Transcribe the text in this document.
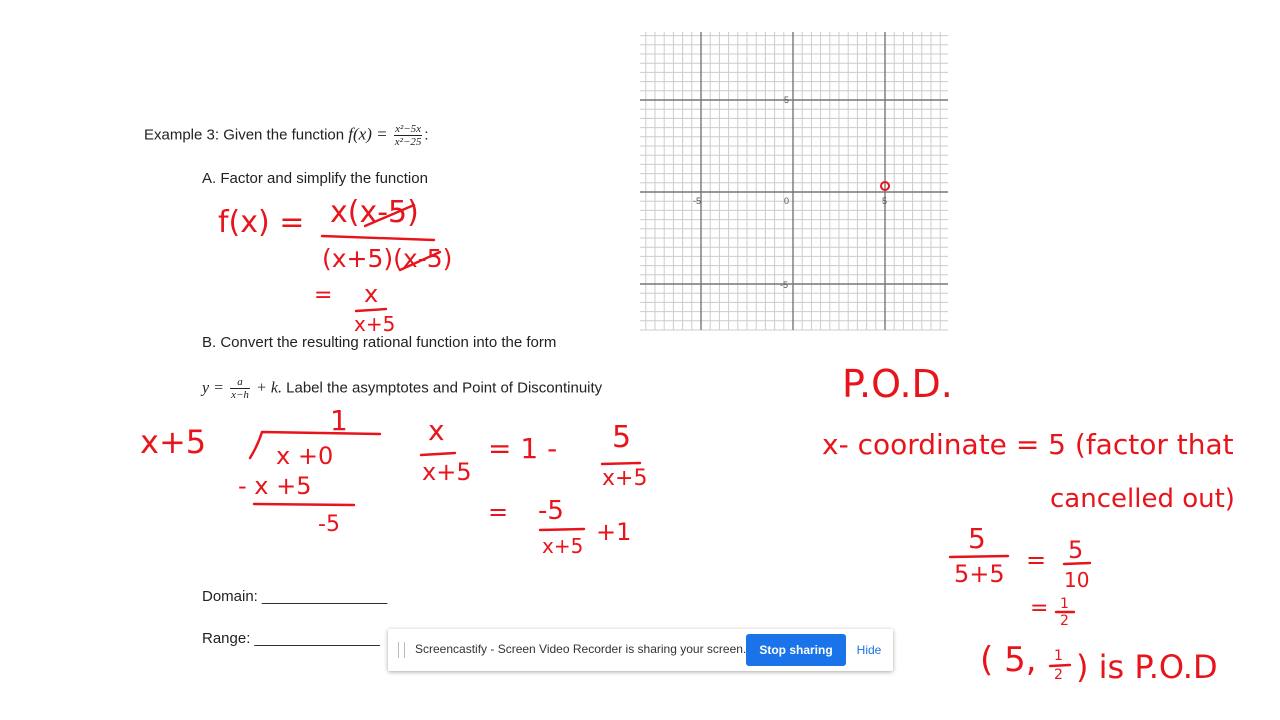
Example 3: Given the function $f(x) = \frac{\text{x²−5x}}{\text{x²−25}}$ :
A. Factor and simplify the function
B. Convert the resulting rational function into the form
$y = \frac{a}{x-h} + k$. Label the asymptotes and Point of Discontinuity
Domain: _______________
Range: _______________
-5	0	5
5
-5
f(x) = x(x-5)
(x+5)(x-5)
= x
x+5
x+5
1
x +0
- x +5
-5
x
x+5
= 1 - 5
x+5
= -5
x+5 +1
P.O.D.
x- coordinate = 5 (factor that
cancelled out)
5
5+5 = 5
10
= 1
2
( 5, 1
2 ) is P.O.D
Screencastify - Screen Video Recorder is sharing your screen.	Stop sharing	Hide
